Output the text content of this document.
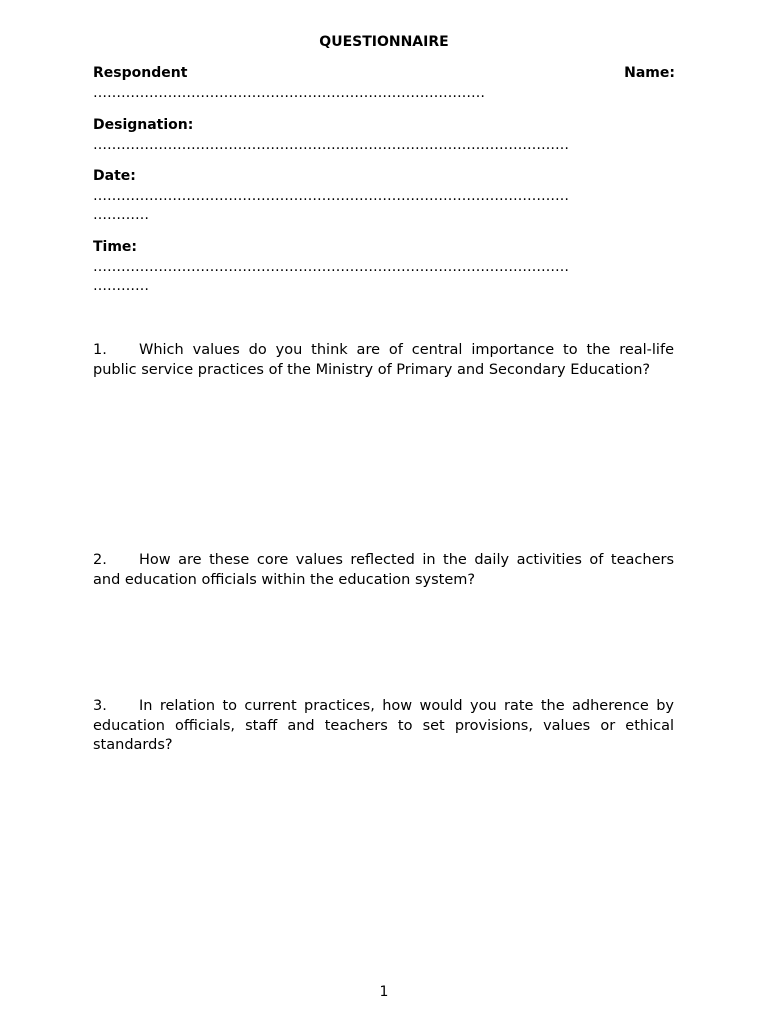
QUESTIONNAIRE
Respondent	Name:
…………………………………………………………………………
Designation:
…………………………………………………………………………………………
Date:
…………………………………………………………………………………………
…………
Time:
…………………………………………………………………………………………
…………
1. Which values do you think are of central importance to the real-life public service practices of the Ministry of Primary and Secondary Education?
2. How are these core values reflected in the daily activities of teachers and education officials within the education system?
3. In relation to current practices, how would you rate the adherence by education officials, staff and teachers to set provisions, values or ethical standards?
1
